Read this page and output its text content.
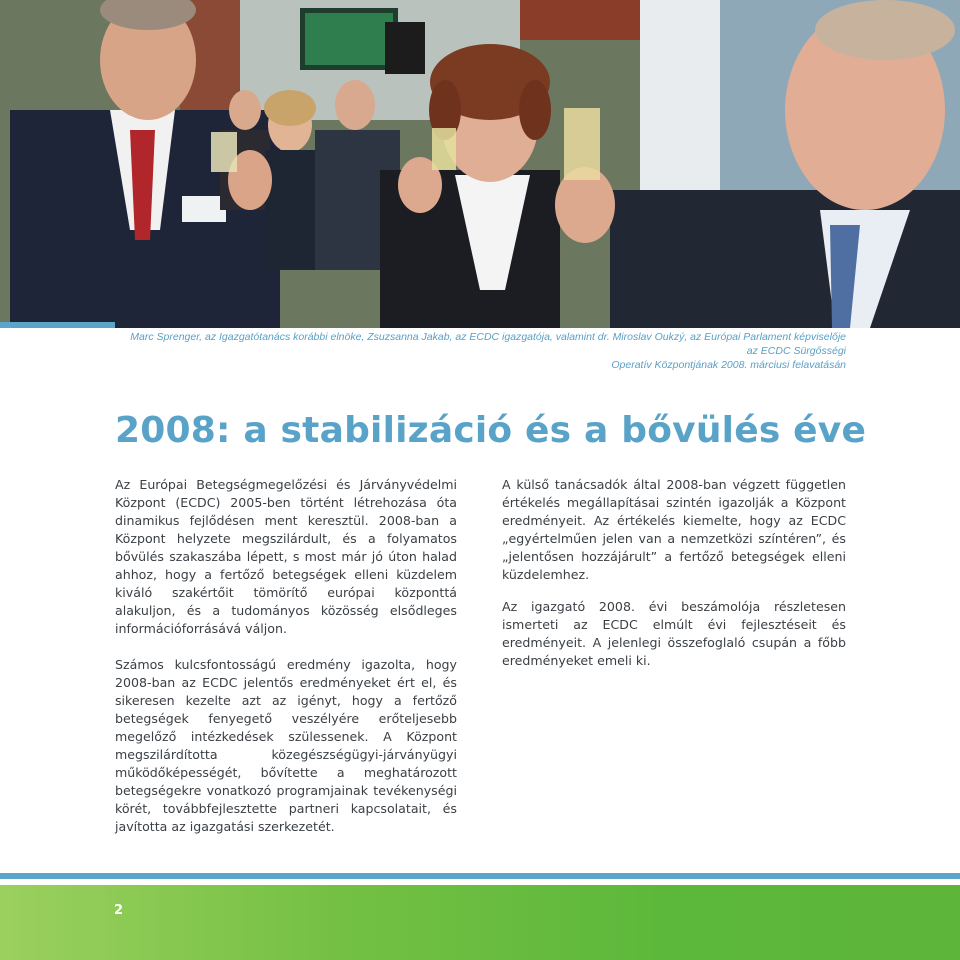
Marc Sprenger, az Igazgatótanács korábbi elnöke, Zsuzsanna Jakab, az ECDC igazgatója, valamint dr. Miroslav Oukzý, az Európai Parlament képviselője az ECDC Sürgősségi
Operatív Központjának 2008. márciusi felavatásán
2008: a stabilizáció és a bővülés éve

Az Európai Betegségmegelőzési és Járványvédelmi Központ (ECDC) 2005-ben történt létrehozása óta dinamikus fejlődésen ment keresztül. 2008-ban a Központ helyzete megszilárdult, és a folyamatos bővülés szakaszába lépett, s most már jó úton halad ahhoz, hogy a fertőző betegségek elleni küzdelem kiváló szakértőit tömörítő európai központtá alakuljon, és a tudományos közösség elsődleges információforrásává váljon.

Számos kulcsfontosságú eredmény igazolta, hogy 2008-ban az ECDC jelentős eredményeket ért el, és sikeresen kezelte azt az igényt, hogy a fertőző betegségek fenyegető veszélyére erőteljesebb megelőző intézkedések szülessenek. A Központ megszilárdította közegészségügyi-járványügyi működőképességét, bővítette a meghatározott betegségekre vonatkozó programjainak tevékenységi körét, továbbfejlesztette partneri kapcsolatait, és javította az igazgatási szerkezetét.

A külső tanácsadók által 2008-ban végzett független értékelés megállapításai szintén igazolják a Központ eredményeit. Az értékelés kiemelte, hogy az ECDC „egyértelműen jelen van a nemzetközi színtéren”, és „jelentősen hozzájárult” a fertőző betegségek elleni küzdelemhez.

Az igazgató 2008. évi beszámolója részletesen ismerteti az ECDC elmúlt évi fejlesztéseit és eredményeit. A jelenlegi összefoglaló csupán a főbb eredményeket emeli ki.

2
